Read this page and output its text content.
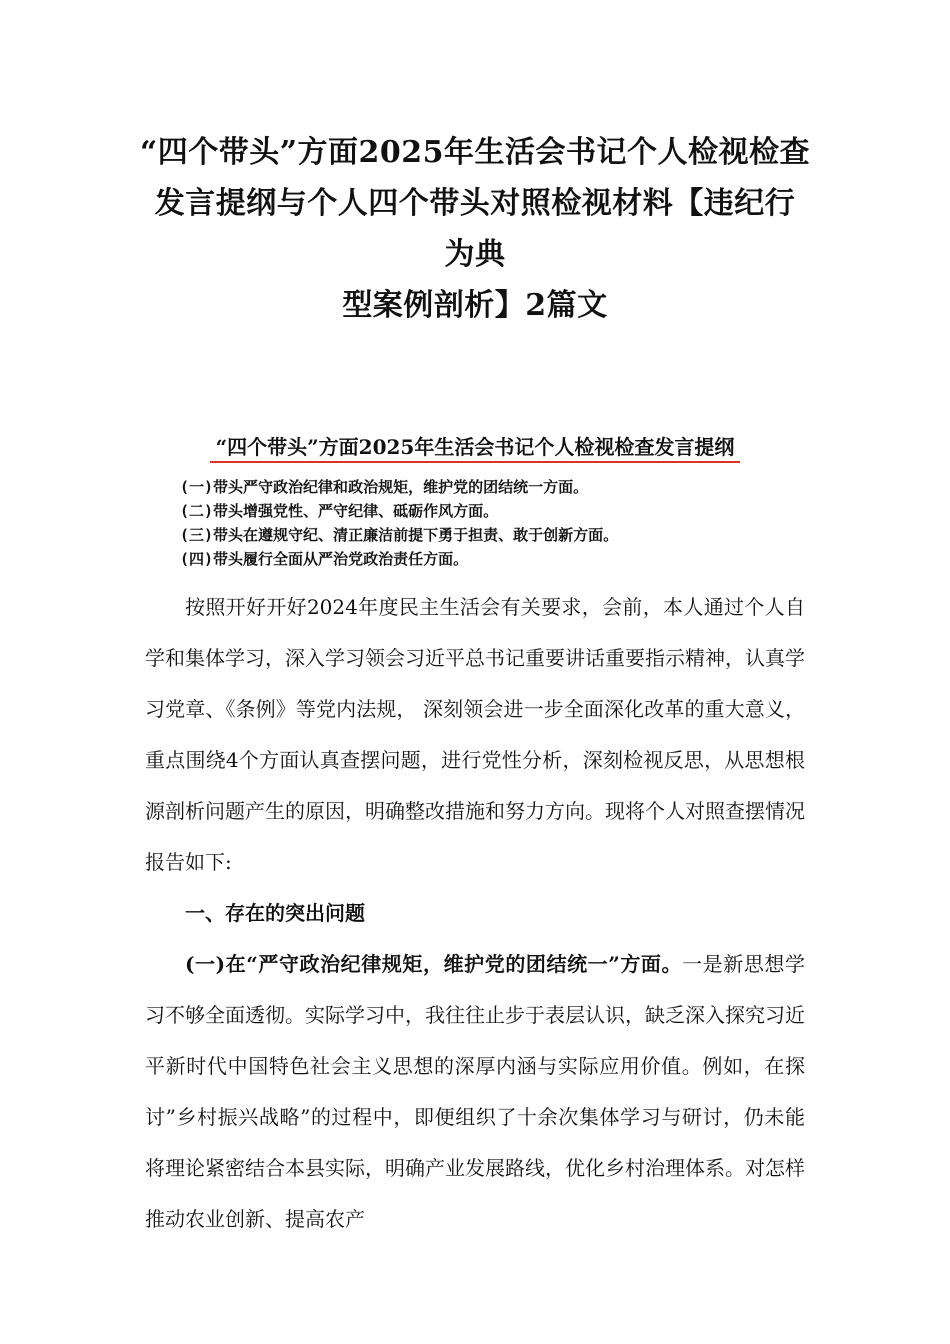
“四个带头”方面2025年生活会书记个人检视检查
发言提纲与个人四个带头对照检视材料【违纪行为典
型案例剖析】2篇文
“四个带头”方面2025年生活会书记个人检视检查发言提纲
(一)带头严守政治纪律和政治规矩，维护党的团结统一方面。
(二)带头增强党性、严守纪律、砥砺作风方面。
(三)带头在遵规守纪、清正廉洁前提下勇于担责、敢于创新方面。
(四)带头履行全面从严治党政治责任方面。

按照开好开好2024年度民主生活会有关要求，会前，本人通过个人自学和集体学习，深入学习领会习近平总书记重要讲话重要指示精神，认真学习党章、《条例》等党内法规， 深刻领会进一步全面深化改革的重大意义，重点围绕4个方面认真查摆问题，进行党性分析，深刻检视反思，从思想根源剖析问题产生的原因，明确整改措施和努力方向。现将个人对照查摆情况报告如下:

一、存在的突出问题

(一)在“严守政治纪律规矩，维护党的团结统一”方面。一是新思想学习不够全面透彻。实际学习中，我往往止步于表层认识，缺乏深入探究习近平新时代中国特色社会主义思想的深厚内涵与实际应用价值。例如，在探讨”乡村振兴战略”的过程中，即便组织了十余次集体学习与研讨，仍未能将理论紧密结合本县实际，明确产业发展路线，优化乡村治理体系。对怎样推动农业创新、提高农产
